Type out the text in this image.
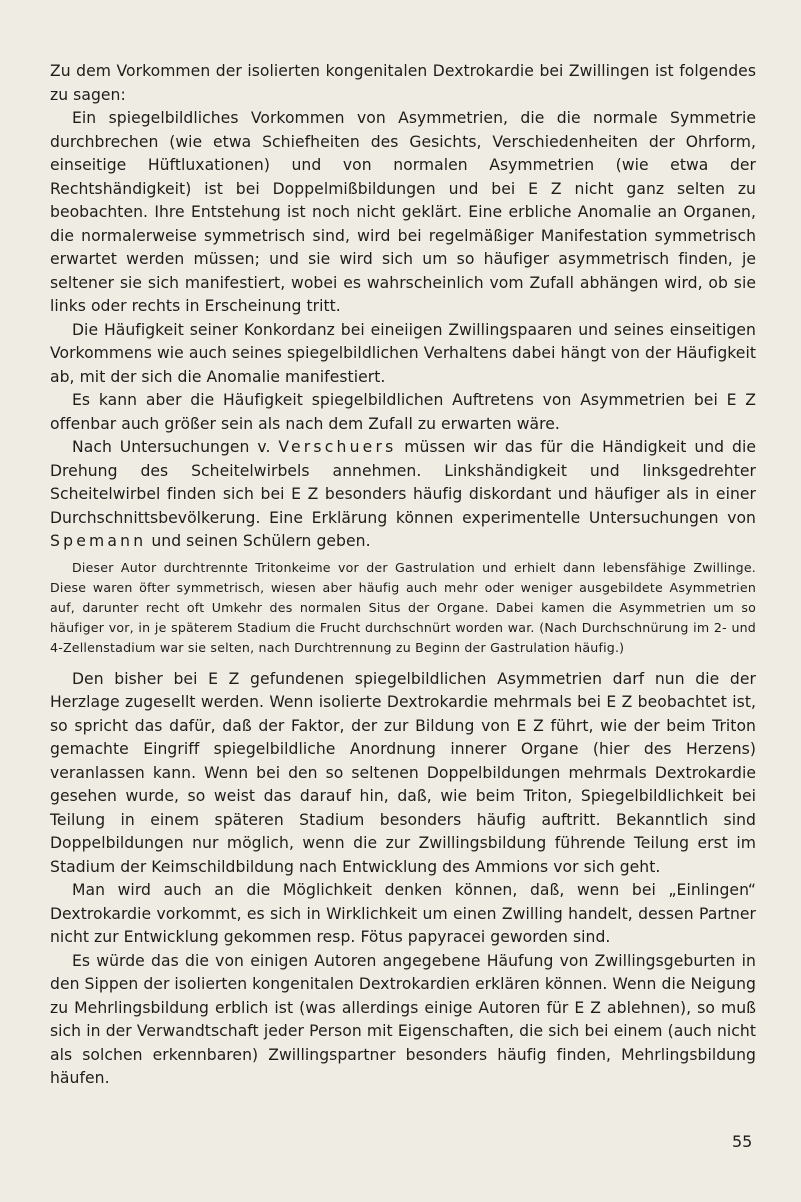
Zu dem Vorkommen der isolierten kongenitalen Dextrokardie bei Zwillingen ist folgendes zu sagen:

Ein spiegelbildliches Vorkommen von Asymmetrien, die die normale Symmetrie durchbrechen (wie etwa Schiefheiten des Gesichts, Verschiedenheiten der Ohrform, einseitige Hüftluxationen) und von normalen Asymmetrien (wie etwa der Rechtshändigkeit) ist bei Doppelmißbildungen und bei E Z nicht ganz selten zu beobachten. Ihre Entstehung ist noch nicht geklärt. Eine erbliche Anomalie an Organen, die normalerweise symmetrisch sind, wird bei regelmäßiger Manifestation symmetrisch erwartet werden müssen; und sie wird sich um so häufiger asymmetrisch finden, je seltener sie sich manifestiert, wobei es wahrscheinlich vom Zufall abhängen wird, ob sie links oder rechts in Erscheinung tritt.

Die Häufigkeit seiner Konkordanz bei eineiigen Zwillingspaaren und seines einseitigen Vorkommens wie auch seines spiegelbildlichen Verhaltens dabei hängt von der Häufigkeit ab, mit der sich die Anomalie manifestiert.

Es kann aber die Häufigkeit spiegelbildlichen Auftretens von Asymmetrien bei E Z offenbar auch größer sein als nach dem Zufall zu erwarten wäre.

Nach Untersuchungen v. Verschuers müssen wir das für die Händigkeit und die Drehung des Scheitelwirbels annehmen. Linkshändigkeit und linksgedrehter Scheitelwirbel finden sich bei E Z besonders häufig diskordant und häufiger als in einer Durchschnittsbevölkerung. Eine Erklärung können experimentelle Untersuchungen von Spemann und seinen Schülern geben.

Dieser Autor durchtrennte Tritonkeime vor der Gastrulation und erhielt dann lebensfähige Zwillinge. Diese waren öfter symmetrisch, wiesen aber häufig auch mehr oder weniger ausgebildete Asymmetrien auf, darunter recht oft Umkehr des normalen Situs der Organe. Dabei kamen die Asymmetrien um so häufiger vor, in je späterem Stadium die Frucht durchschnürt worden war. (Nach Durchschnürung im 2- und 4-Zellenstadium war sie selten, nach Durchtrennung zu Beginn der Gastrulation häufig.)

Den bisher bei E Z gefundenen spiegelbildlichen Asymmetrien darf nun die der Herzlage zugesellt werden. Wenn isolierte Dextrokardie mehrmals bei E Z beobachtet ist, so spricht das dafür, daß der Faktor, der zur Bildung von E Z führt, wie der beim Triton gemachte Eingriff spiegelbildliche Anordnung innerer Organe (hier des Herzens) veranlassen kann. Wenn bei den so seltenen Doppelbildungen mehrmals Dextrokardie gesehen wurde, so weist das darauf hin, daß, wie beim Triton, Spiegelbildlichkeit bei Teilung in einem späteren Stadium besonders häufig auftritt. Bekanntlich sind Doppelbildungen nur möglich, wenn die zur Zwillingsbildung führende Teilung erst im Stadium der Keimschildbildung nach Entwicklung des Ammions vor sich geht.

Man wird auch an die Möglichkeit denken können, daß, wenn bei „Einlingen“ Dextrokardie vorkommt, es sich in Wirklichkeit um einen Zwilling handelt, dessen Partner nicht zur Entwicklung gekommen resp. Fötus papyracei geworden sind.

Es würde das die von einigen Autoren angegebene Häufung von Zwillingsgeburten in den Sippen der isolierten kongenitalen Dextrokardien erklären können. Wenn die Neigung zu Mehrlingsbildung erblich ist (was allerdings einige Autoren für E Z ablehnen), so muß sich in der Verwandtschaft jeder Person mit Eigenschaften, die sich bei einem (auch nicht als solchen erkennbaren) Zwillingspartner besonders häufig finden, Mehrlingsbildung häufen.

55
